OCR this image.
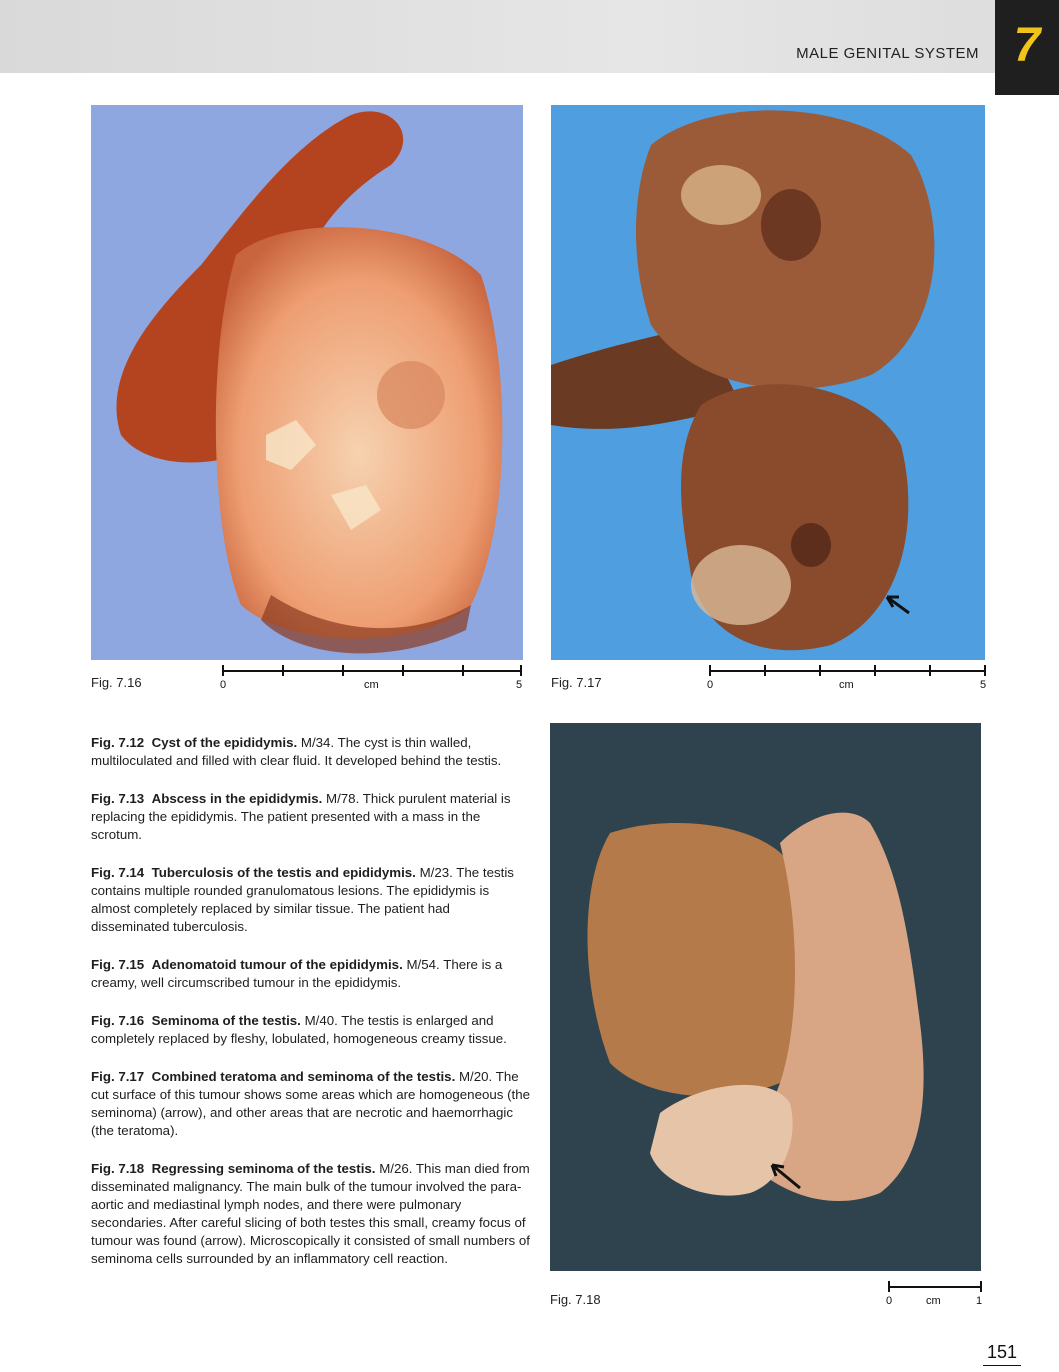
MALE GENITAL SYSTEM 7
Fig. 7.16	0	cm	5 Fig. 7.17	0	cm	5
Fig. 7.18	0	cm	1

Fig. 7.12 Cyst of the epididymis. M/34. The cyst is thin walled, multiloculated and filled with clear fluid. It developed behind the testis.

Fig. 7.13 Abscess in the epididymis. M/78. Thick purulent material is replacing the epididymis. The patient presented with a mass in the scrotum.

Fig. 7.14 Tuberculosis of the testis and epididymis. M/23. The testis contains multiple rounded granulomatous lesions. The epididymis is almost completely replaced by similar tissue. The patient had disseminated tuberculosis.

Fig. 7.15 Adenomatoid tumour of the epididymis. M/54. There is a creamy, well circumscribed tumour in the epididymis.

Fig. 7.16 Seminoma of the testis. M/40. The testis is enlarged and completely replaced by fleshy, lobulated, homogeneous creamy tissue.

Fig. 7.17 Combined teratoma and seminoma of the testis. M/20. The cut surface of this tumour shows some areas which are homogeneous (the seminoma) (arrow), and other areas that are necrotic and haemorrhagic (the teratoma).

Fig. 7.18 Regressing seminoma of the testis. M/26. This man died from disseminated malignancy. The main bulk of the tumour involved the para-aortic and mediastinal lymph nodes, and there were pulmonary secondaries. After careful slicing of both testes this small, creamy focus of tumour was found (arrow). Microscopically it consisted of small numbers of seminoma cells surrounded by an inflammatory cell reaction.

151
